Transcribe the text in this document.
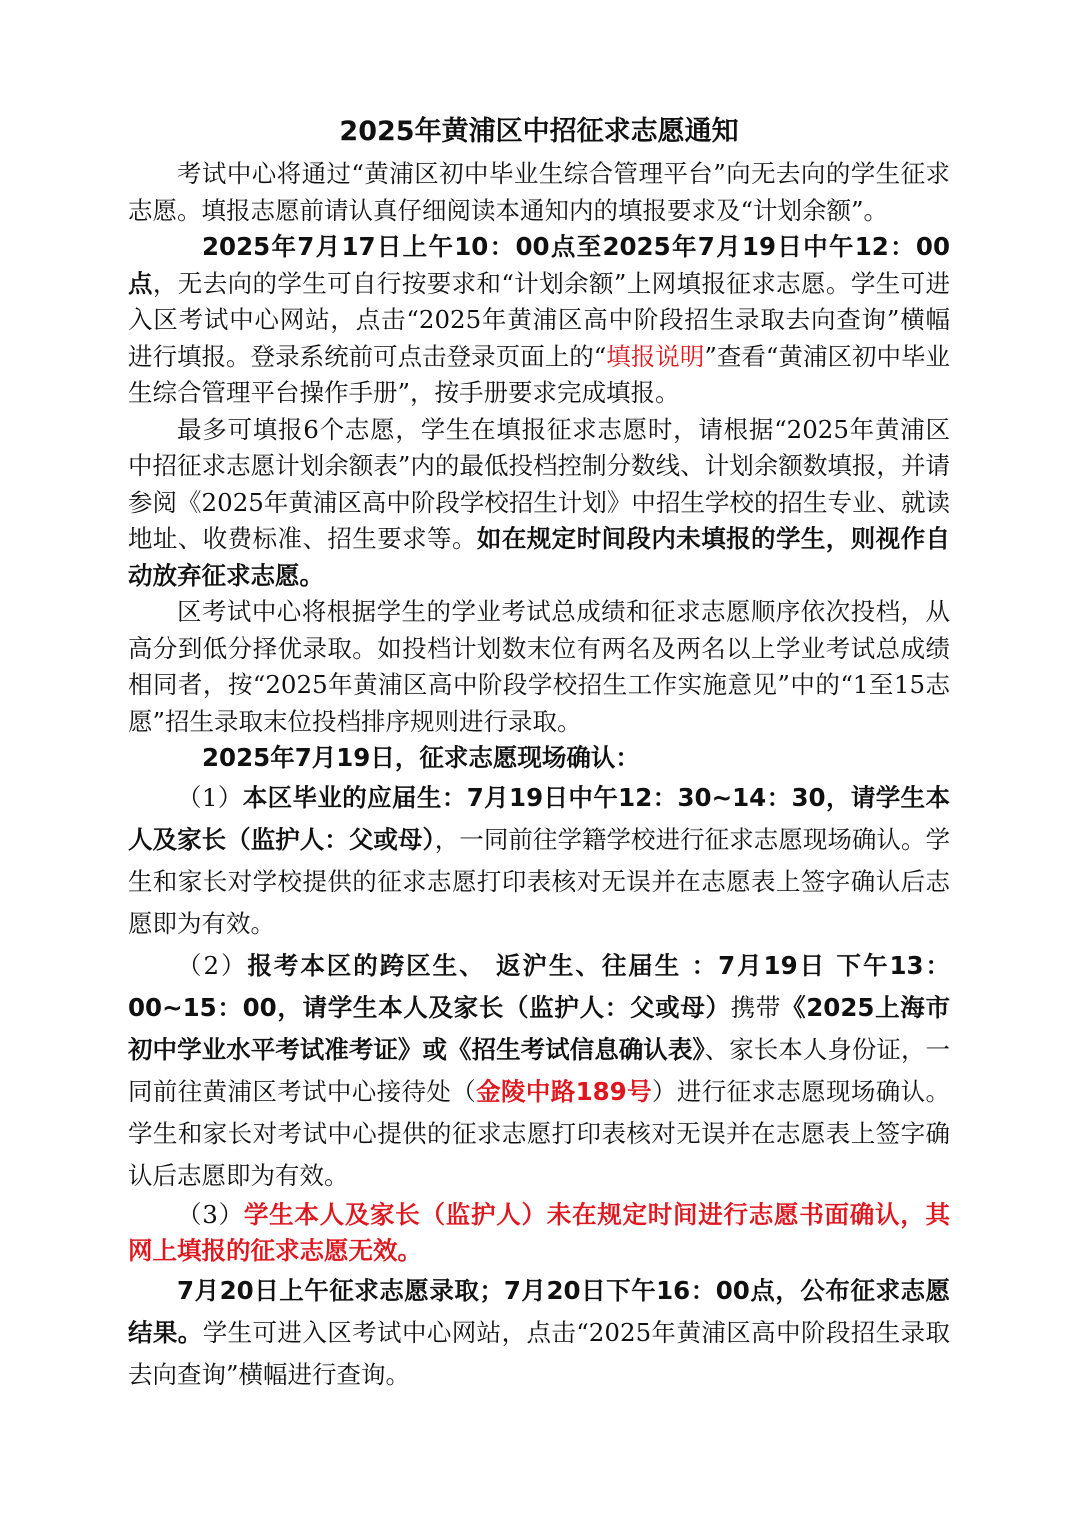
2025年黄浦区中招征求志愿通知

考试中心将通过“黄浦区初中毕业生综合管理平台”向无去向的学生征求志愿。填报志愿前请认真仔细阅读本通知内的填报要求及“计划余额”。

2025年7月17日上午10：00点至2025年7月19日中午12：00点，无去向的学生可自行按要求和“计划余额”上网填报征求志愿。学生可进入区考试中心网站，点击“2025年黄浦区高中阶段招生录取去向查询”横幅进行填报。登录系统前可点击登录页面上的“填报说明”查看“黄浦区初中毕业生综合管理平台操作手册”，按手册要求完成填报。

最多可填报6个志愿，学生在填报征求志愿时，请根据“2025年黄浦区中招征求志愿计划余额表”内的最低投档控制分数线、计划余额数填报，并请参阅《2025年黄浦区高中阶段学校招生计划》中招生学校的招生专业、就读地址、收费标准、招生要求等。如在规定时间段内未填报的学生，则视作自动放弃征求志愿。

区考试中心将根据学生的学业考试总成绩和征求志愿顺序依次投档，从高分到低分择优录取。如投档计划数末位有两名及两名以上学业考试总成绩相同者，按“2025年黄浦区高中阶段学校招生工作实施意见”中的“1至15志愿”招生录取末位投档排序规则进行录取。

2025年7月19日，征求志愿现场确认：

（1）本区毕业的应届生：7月19日中午12：30~14：30，请学生本人及家长（监护人：父或母），一同前往学籍学校进行征求志愿现场确认。学生和家长对学校提供的征求志愿打印表核对无误并在志愿表上签字确认后志愿即为有效。

（2）报考本区的跨区生、 返沪生、往届生 ：7月19日 下午13：00~15：00，请学生本人及家长（监护人：父或母）携带《2025上海市初中学业水平考试准考证》或《招生考试信息确认表》、家长本人身份证，一同前往黄浦区考试中心接待处（金陵中路189号）进行征求志愿现场确认。学生和家长对考试中心提供的征求志愿打印表核对无误并在志愿表上签字确认后志愿即为有效。

（3）学生本人及家长（监护人）未在规定时间进行志愿书面确认，其网上填报的征求志愿无效。

7月20日上午征求志愿录取；7月20日下午16：00点，公布征求志愿结果。学生可进入区考试中心网站，点击“2025年黄浦区高中阶段招生录取去向查询”横幅进行查询。
